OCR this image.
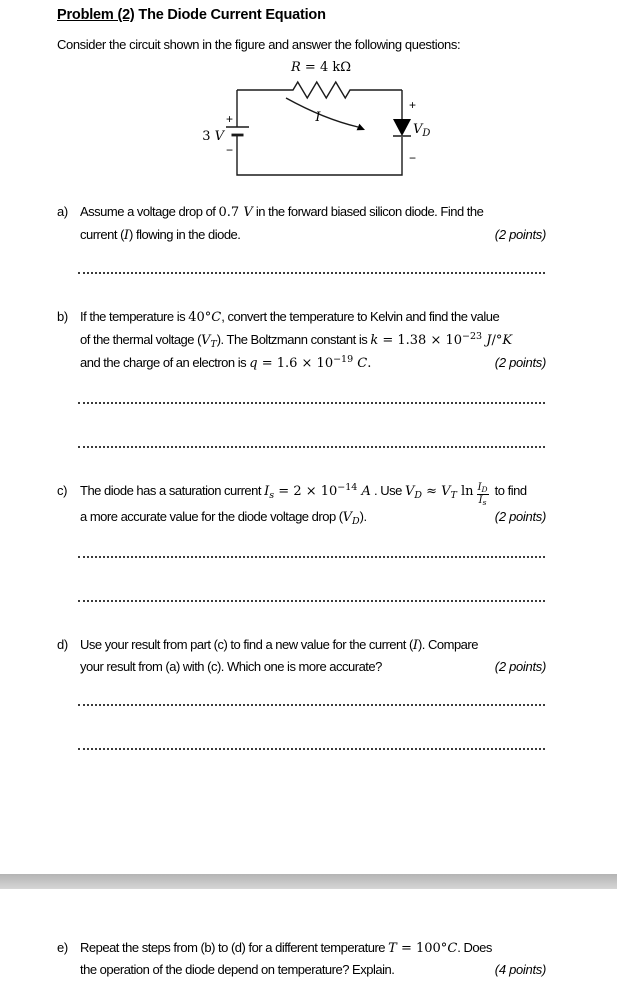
Problem (2) The Diode Current Equation
Consider the circuit shown in the figure and answer the following questions:
R = 4 kΩ
+
3 V
−
I
+
$V_D$
−
a) Assume a voltage drop of 0.7 V in the forward biased silicon diode. Find the
current (I) flowing in the diode.	(2 points)
b) If the temperature is 40°C, convert the temperature to Kelvin and find the value
of the thermal voltage $(V_T)$. The Boltzmann constant is $k = 1.38 \times 10^{-23}$ J/°K
and the charge of an electron is $q = 1.6 \times 10^{-19}$ C.	(2 points)
c) The diode has a saturation current $I_s = 2 \times 10^{-14}$ A . Use $V_D \approx V_T$ $\ln \frac{I_D}{I_s}$ to find
a more accurate value for the diode voltage drop $(V_D)$.	(2 points)
d) Use your result from part (c) to find a new value for the current (I). Compare
your result from (a) with (c). Which one is more accurate?	(2 points)
e) Repeat the steps from (b) to (d) for a different temperature T = 100°C. Does
the operation of the diode depend on temperature? Explain.	(4 points)
